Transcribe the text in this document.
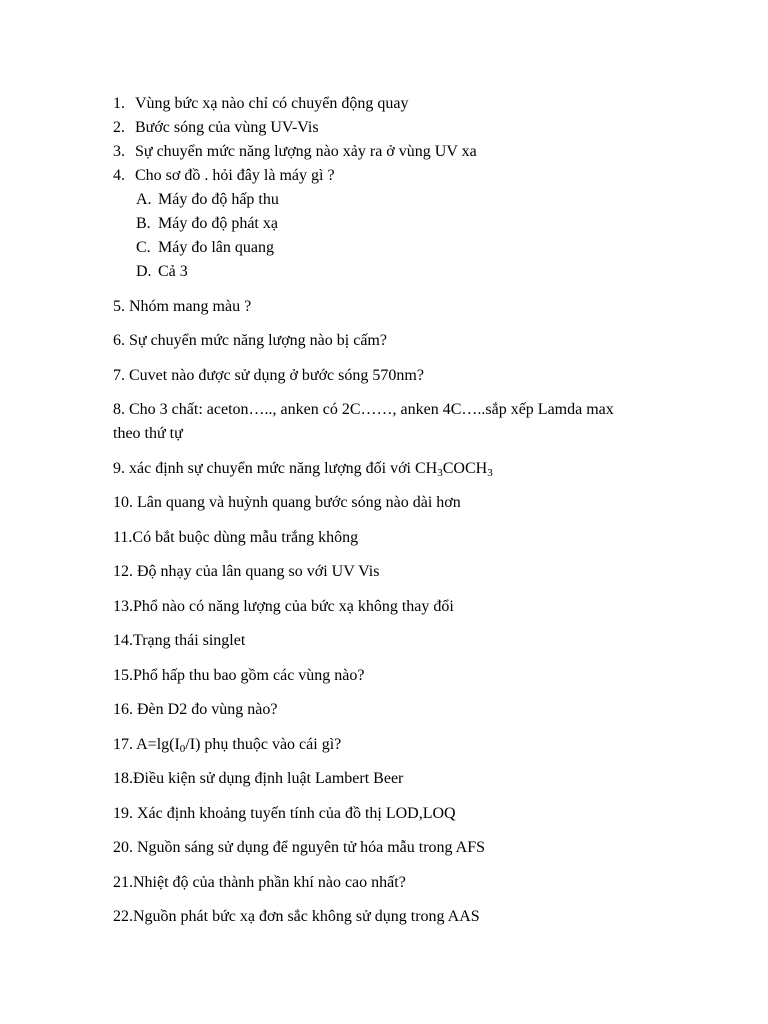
1. Vùng bức xạ nào chỉ có chuyển động quay
2. Bước sóng của vùng UV-Vis
3. Sự chuyển mức năng lượng nào xảy ra ở vùng UV xa
4. Cho sơ đồ . hỏi đây là máy gì ?
A. Máy đo độ hấp thu
B. Máy đo độ phát xạ
C. Máy đo lân quang
D. Cả 3
5. Nhóm mang màu ?
6. Sự chuyển mức năng lượng nào bị cấm?
7. Cuvet nào được sử dụng ở bước sóng 570nm?
8. Cho 3 chất: aceton….., anken có 2C……, anken 4C…..sắp xếp Lamda max
theo thứ tự
9. xác định sự chuyển mức năng lượng đối với $CH_3COCH_3$
10. Lân quang và huỳnh quang bước sóng nào dài hơn
11.Có bắt buộc dùng mẫu trắng không
12. Độ nhạy của lân quang so với UV Vis
13.Phổ nào có năng lượng của bức xạ không thay đổi
14.Trạng thái singlet
15.Phổ hấp thu bao gồm các vùng nào?
16. Đèn D2 đo vùng nào?
17. $A=\lg(I_0/I)$ phụ thuộc vào cái gì?
18.Điều kiện sử dụng định luật Lambert Beer
19. Xác định khoảng tuyến tính của đồ thị LOD,LOQ
20. Nguồn sáng sử dụng để nguyên tử hóa mẫu trong AFS
21.Nhiệt độ của thành phần khí nào cao nhất?
22.Nguồn phát bức xạ đơn sắc không sử dụng trong AAS
